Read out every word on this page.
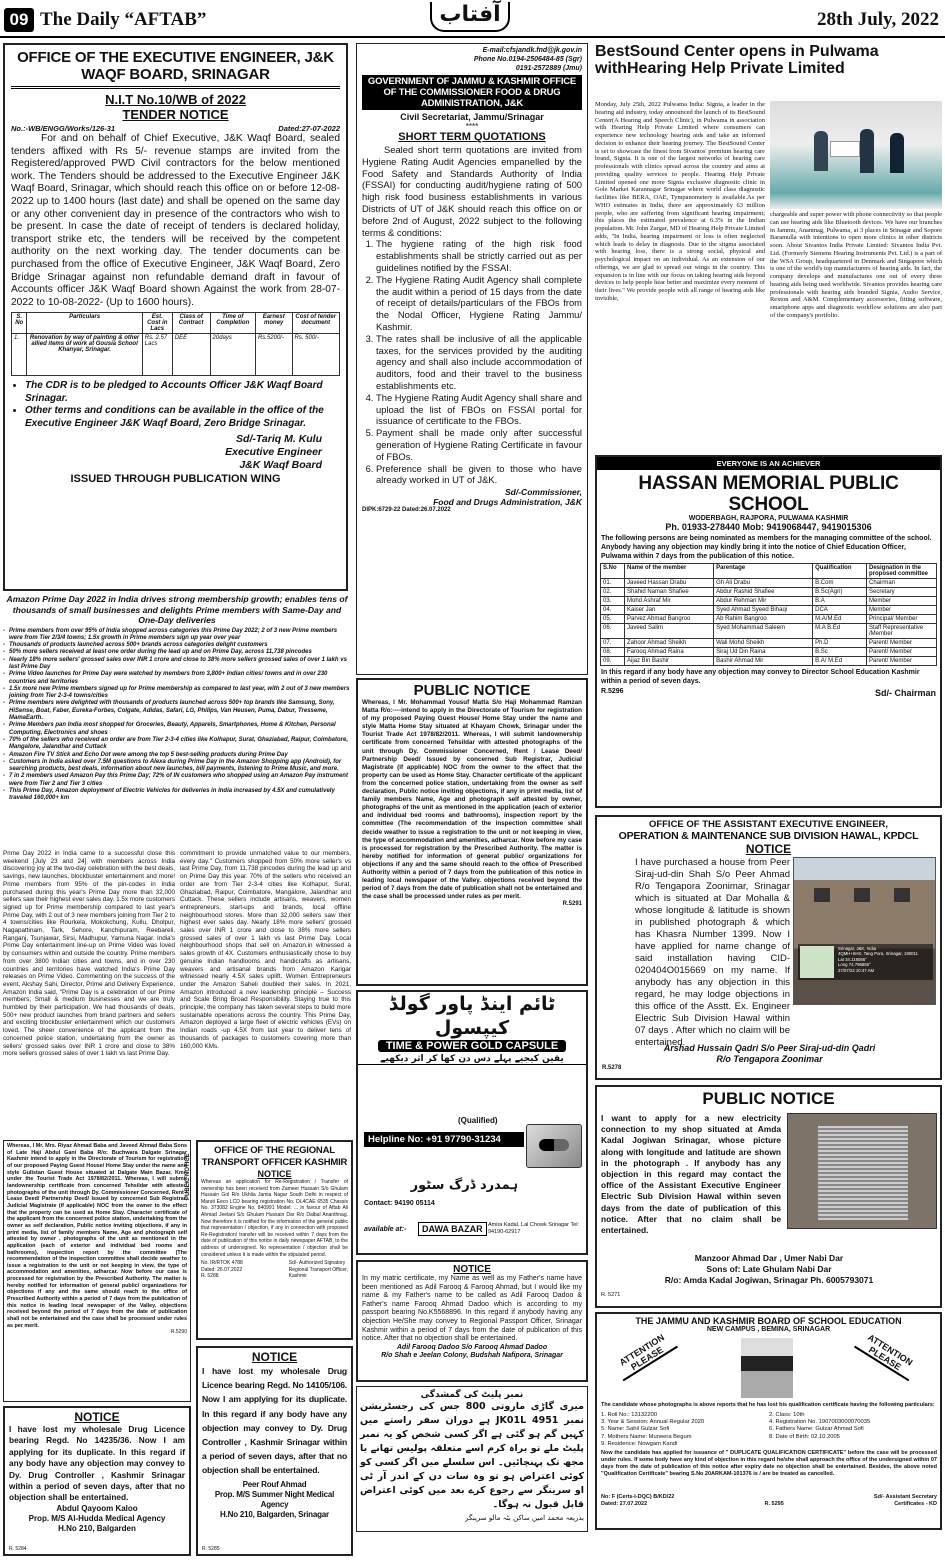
09 The Daily “AFTAB”	آفتاب	28th July, 2022
OFFICE OF THE EXECUTIVE ENGINEER, J&K WAQF BOARD, SRINAGAR
N.I.T No.10/WB of 2022
TENDER NOTICE
No.:-WB/ENGG/Works/126-31	Dated:27-07-2022
For and on behalf of Chief Executive, J&K Waqf Board, sealed tenders affixed with Rs 5/- revenue stamps are invited from the Registered/approved PWD Civil contractors for the below mentioned work. The Tenders should be addressed to the Executive Engineer J&K Waqf Board, Srinagar, which should reach this office on or before 12-08-2022 up to 1400 hours (last date) and shall be opened on the same day or any other convenient day in presence of the contractors who wish to be present. In case the date of receipt of tenders is declared holiday, transport strike etc, the tenders will be received by the competent authority on the next working day. The tender documents can be purchased from the office of Executive Engineer, J&K Waqf Board, Zero Bridge Srinagar against non refundable demand draft in favour of Accounts officer J&K Waqf Board shown Against the work from 28-07-2022 to 10-08-2022- (Up to 1600 hours).
S. No	Particulars	Est. Cost in Lacs	Class of Contract	Time of Completion	Earnest money	Cost of tender document
1.	Renovation by way of painting & other allied items of work at Gousia School Khanyar, Srinagar.	Rs. 2.57 Lacs	DEE	20days	Rs.5200/-	Rs. 500/-
• The CDR is to be pledged to Accounts Officer J&K Waqf Board Srinagar.
• Other terms and conditions can be available in the office of the Executive Engineer J&K Waqf Board, Zero Bridge Srinagar.
Sd/-Tariq M. Kulu
Executive Engineer
J&K Waqf Board
ISSUED THROUGH PUBLICATION WING
E-mail:cfsjandk.fnd@jk.gov.in
Phone No.0194-2506484-85 (Sgr)
0191-2572889 (Jmu)
GOVERNMENT OF JAMMU & KASHMIR OFFICE OF THE COMMISSIONER FOOD & DRUG ADMINISTRATION, J&K
Civil Secretariat, Jammu/Srinagar
****
SHORT TERM QUOTATIONS
Sealed short term quotations are invited from Hygiene Rating Audit Agencies empanelled by the Food Safety and Standards Authority of India (FSSAI) for conducting audit/hygiene rating of 500 high risk food business establishments in various Districts of UT of J&K should reach this office on or before 2nd of August, 2022 subject to the following terms & conditions:
1. The hygiene rating of the high risk food establishments shall be strictly carried out as per guidelines notified by the FSSAI.
2. The Hygiene Rating Audit Agency shall complete the audit within a period of 15 days from the date of receipt of details/particulars of the FBOs from the Nodal Officer, Hygiene Rating Jammu/ Kashmir.
3. The rates shall be inclusive of all the applicable taxes, for the services provided by the auditing agency and shall also include accommodation of auditors, food and their travel to the business establishments etc.
4. The Hygiene Rating Audit Agency shall share and upload the list of FBOs on FSSAI portal for issuance of certificate to the FBOs.
5. Payment shall be made only after successful generation of Hygiene Rating Certificate in favour of FBOs.
6. Preference shall be given to those who have already worked in UT of J&K.
Sd/-Commissioner,
Food and Drugs Administration, J&K
DIPK:6729-22 Dated:26.07.2022
BestSound Center opens in Pulwama withHearing Help Private Limited
Monday, July 25th, 2022 Pulwama India: Signia, a leader in the hearing aid industry, today announced the launch of its BestSound Center(A Hearing and Speech Clinic), in Pulwama in association with Hearing Help Private Limited where consumers can experience new technology hearing aids and take an informed decision to enhance their hearing journey. The BestSound Center is set to showcase the finest from Sivantos' premium hearing care brand, Signia. It is one of the largest networks of hearing care professionals with clinics spread across the country and aims at providing quality services to people. Hearing Help Private Limited opened one more Signia exclusive diagnostic clinic in Gole Market Karannagar Srinagar where world class diagnostic facilities like BERA, OAE, Tympanometery is available.As per WHO estimates in India, there are approximately 63 million people, who are suffering from significant hearing impairment; this places the estimated prevalence at 6.3% in the Indian population. Mr. John Zargar, MD of Hearing Help Private Limited adds, "In India, hearing impairment or loss is often neglected which leads to delay in diagnosis. Due to the stigma associated with hearing loss, there is a strong social, physical and psychological impact on an individual. As an extension of our offerings, we are glad to spread our wings in the country. This expansion is in line with our focus on taking hearing aids beyond devices to help people hear better and maximize every moment of their lives." We provide people with all range of hearing aids like invisible,
chargeable and super power with phone connectivity so that people can use hearing aids like Bluetooth devices. We have our branches in Jammu, Anantnag, Pulwama, at 3 places in Srinagar and Sopore Baramulla with intentions to open more clinics in other districts soon. About Sivantos India Private Limited: Sivantos India Pvt. Ltd. (Formerly Siemens Hearing Instruments Pvt. Ltd.) is a part of the WSA Group, headquartered in Denmark and Singapore which is one of the world's top manufacturers of hearing aids. In fact, the company develops and manufactures one out of every three hearing aids being used worldwide. Sivantos provides hearing care professionals with hearing aids branded Signia, Audio Service, Rexton and A&M. Complementary accessories, fitting software, smartphone apps and diagnostic workflow solutions are also part of the company's portfolio.
EVERYONE IS AN ACHIEVER
HASSAN MEMORIAL PUBLIC SCHOOL
WODERBAGH, RAJPORA, PULWAMA KASHMIR
Ph. 01933-278440 Mob: 9419068447, 9419015306
The following persons are being nominated as members for the managing committee of the school. Anybody having any objection may kindly bring it into the notice of Chief Education Officer, Pulwama within 7 days from the publication of this notice.
S.No	Name of the member	Parentage	Qualification	Designation in the proposed committee
01.	Javeed Hassan Drabu	Gh Ali Drabu	B.Com	Chairman
02.	Shahid Naman Shafiee	Abdur Rashid Shafiee	B.Sc(Agri)	Secretary
03.	Mohd Ashraf Mir	Abdur Rehman Mir	B.A	Member
04.	Kaiser Jan	Syed Ahmad Syeed Bihaqi	DCA	Member
05.	Parvez Ahmad Bangroo	Ab Rahim Bangroo	M.A/M.Ed	Principal/ Member
06.	Javeed Salim	Syed Mohammad Saleem	M.A B.Ed	Staff Representative /Member
07.	Zahoor Ahmad Sheikh	Wali Mohd Sheikh	Ph.D	Parent/ Member
08.	Farooq Ahmad Raina	Siraj Ud Din Raina	B.Sc	Parent/ Member
09.	Aijaz Bin Bashir	Bashir Ahmad Mir	B.A/ M.Ed	Parent/ Member
In this regard if any body have any objection may convey to Director School Education Kashmir within a period of seven days.
R.5296	Sd/- Chairman
Amazon Prime Day 2022 in India drives strong membership growth; enables tens of thousands of small businesses and delights Prime members with Same-Day and One-Day deliveries
- Prime members from over 95% of India shopped across categories this Prime Day 2022; 2 of 3 new Prime members were from Tier 2/3/4 towns; 1.5x growth in Prime members sign up year over year
- Thousands of products launched across 500+ brands across categories delight customers
- 50% more sellers received at least one order during the lead up and on Prime Day, across 11,738 pincodes
- Nearly 18% more sellers' grossed sales over INR 1 crore and close to 38% more sellers grossed sales of over 1 lakh vs last Prime Day
- Prime Video launches for Prime Day were watched by members from 3,800+ Indian cities/ towns and in over 230 countries and territories
- 1.5x more new Prime members signed up for Prime membership as compared to last year, with 2 out of 3 new members joining from Tier 2-3-4 towns/cities
- Prime members were delighted with thousands of products launched across 500+ top brands like Samsung, Sony, HiSense, Boat, Faber, Eureka-Forbes, Colgate, Adidas, Safari, LG, Philips, Van Heusen, Puma, Dabur, Tresseme, MamaEarth.
- Prime Members pan India most shopped for Groceries, Beauty, Apparels, Smartphones, Home & Kitchen, Personal Computing, Electronics and shoes
- 70% of the sellers who received an order are from Tier 2-3-4 cities like Kolhapur, Surat, Ghaziabad, Raipur, Coimbatore, Mangalore, Jalandhar and Cuttack
- Amazon Fire TV Stick and Echo Dot were among the top 5 best-selling products during Prime Day
- Customers in India asked over 7.5M questions to Alexa during Prime Day in the Amazon Shopping app (Android), for searching products, best deals, information about new launches, bill payments, listening to Prime Music, and more.
- 7 in 2 members used Amazon Pay this Prime Day; 72% of IN customers who shopped using an Amazon Pay instrument were from Tier 2 and Tier 3 cities
- This Prime Day, Amazon deployment of Electric Vehicles for deliveries in India increased by 4.5X and cumulatively traveled 160,000+ km
Prime Day 2022 in India came to a successful close this weekend [July 23 and 24] with members across India discovering joy at the two-day celebration with the best deals, savings, new launches, blockbuster entertainment and more! Prime members from 95% of the pin-codes in India purchased during this year's Prime Day more than 32,000 sellers saw their highest ever sales day. 1.5x more customers signed up for Prime membership compared to last year's Prime Day, with 2 out of 3 new members joining from Tier 2 to 4 towns/cities like Rourkela, Mokokchung, Kullu, Dholpur, Nagapattinam, Tark, Sehore, Kanchipuram, Reebareli, Ranganj, Tsunjawar, Sirsi, Madhupur, Yamuna Nagar. India's Prime Day entertainment line-up on Prime Video was loved by consumers within and outside the country. Prime members from over 3800 Indian cities and towns, and in over 230 countries and territories have watched India's Prime Day releases on Prime Video. Commenting on the success of the event, Akshay Sahi, Director, Prime and Delivery Experience, Amazon India said, "Prime Day is a celebration of our Prime members; Small & medium businesses and we are truly humbled by their participation. We had thousands of deals, 500+ new product launches from brand partners and sellers and exciting blockbuster entertainment which our customers loved. The sheer convenience of the applicant from the concerned police station, undertaking from the owner as sellers' grossed sales over INR 1 crore and close to 38% more sellers grossed sales of over 1 lakh vs last Prime Day.
commitment to provide unmatched value to our members, every day." Customers shopped from 50% more seller's vs last Prime Day, from 11,738 pincodes during the lead up and on Prime Day this year. 70% of the sellers who received an order are from Tier 2-3-4 cities like Kolhapur, Surat, Ghaziabad, Raipur, Coimbatore, Mangalore, Jalandhar and Cuttack. These sellers include artisans, weavers, women entrepreneurs, start-ups and brands, local offline neighbourhood stores. More than 32,000 sellers saw their highest ever sales day. Nearly 18% more sellers' grossed sales over INR 1 crore and close to 38% more sellers grossed sales of over 1 lakh vs last Prime Day. Local neighbourhood shops that sell on Amazon.in witnessed a sales growth of 4X. Customers enthusiastically chose to buy genuine Indian handlooms and handicrafts as artisans, weavers and artisanal brands from Amazon Karigar witnessed nearly 4.5X sales uplift. Women Entrepreneurs under the Amazon Saheli doubled their sales. In 2021, Amazon introduced a new leadership principle – Success and Scale Bring Broad Responsibility. Staying true to this principle, the company has taken several steps to build more sustainable operations across the country. This Prime Day, Amazon deployed a large fleet of electric vehicles (EVs) on Indian roads -up 4.5X from last year to deliver tens of thousands of packages to customers covering more than 160,000 KMs.
PUBLIC NOTICE
Whereas, I Mr. Mohammad Yousuf Matta S/o Haji Mohammad Ramzan Matta R/o:----intend to apply in the Directorate of Tourism for registration of my proposed Paying Guest House/ Home Stay under the name and style Matta Home Stay situated at Khayam Chowk, Srinagar under the Tourist Trade Act 1978/82/2011. Whereas, I will submit landownership certificate from concerned Tehsildar with attested photographs of the unit through Dy. Commissioner Concerned, Rent / Lease Deed/ Partnership Deed/ Issued by concerned Sub Registrar, Judicial Magistrate (if applicable) NOC from the owner to the effect that the property can be used as Home Stay. Character certificate of the applicant from the concerned police station, undertaking from the owner as self declaration, Public notice inviting objections, if any in print media, list of family members Name, Age and photograph self attested by owner, photographs of the unit as mentioned in the application (each of exterior and individual bed rooms and bathrooms), inspection report by the committee (The recommendation of the inspection committee shall decide weather to issue a registration to the unit or not keeping in view, the type of accommodation and amenities, adharcar. Now before my case is processed for registration by the Prescribed Authority. The matter is hereby notified for information of general public/ organizations for objections if any and the same should reach to the office of Prescribed Authority within a period of 7 days from the publication of this notice in leading local newspaper of the Valley. objections received beyond the period of 7 days from the date of publication shall not be entertained and the case shall be processed under rules as per merit.
R.5291
OFFICE OF THE ASSISTANT EXECUTIVE ENGINEER,
OPERATION & MAINTENANCE SUB DIVISION HAWAL, KPDCL
NOTICE
I have purchased a house from Peer Siraj-ud-din Shah S/o Peer Ahmad R/o Tengapora Zoonimar, Srinagar which is situated at Dar Mohalla & whose longitude & latitude is shown in published photograph & which has Khasra Number 1399. Now I have applied for name change of said installation having CID-020404O015669 on my name. If anybody has any objection in this regard, he may lodge objections in this office of the Asstt. Ex. Engineer Electric Sub Division Hawal within 07 days . After which no claim will be entertained.
Srinagar, J&K, India
4QMH+6HX, Tang Pora, Srinagar, 190011
Lat 34.118086°
Long 74.796855°
27/07/22 10:47 AM
Arshad Hussain Qadri S/o Peer Siraj-ud-din Qadri
R/o Tengapora Zoonimar
R.5278
ٹائم اینڈ پاور گولڈ کیپسول
TIME & POWER GOLD CAPSULE
یقین کیجیے پہلے دس دن کھا کر اثر دیکھیے
(Qualified)
Helpline No: +91 97790-31234
ہمدرد ڈرگ سٹور
Contact: 94190 05114
available at:-	DAWA BAZAR Amira Kadal, Lal Chowk Srinagar Tel: 94190-62917
Whereas, I Mr. Mrs. Riyaz Ahmad Baba and Javeed Ahmad Baba Sons of Late Haji Abdul Gani Baba R/o: Buchwara Dalgate Srinagar Kashmir intend to apply in the Directorate of Tourism for registration of our proposed Paying Guest House/ Home Stay under the name and style Gulistan Guest House situated at Dalgate Main Bazar, Kmr. under the Tourist Trade Act 1978/82/2011. Whereas, I will submit landownership certificate from concerned Tehsildar with attested photographs of the unit through Dy. Commissioner Concerned, Rent / Lease Deed/ Partnership Deed/ Issued by concerned Sub Registrar, Judicial Magistrate (if applicable) NOC from the owner to the effect that the property can be used as Home Stay. Character certificate of the applicant from the concerned police station, undertaking from the owner as self declaration, Public notice inviting objections, if any in print media, list of family members Name, Age and photograph self attested by owner , photographs of the unit as mentioned in the application (each of exterior and individual bed rooms and bathrooms), inspection report by the committee (The recommendation of the inspection committee shall decide weather to issue a registration to the unit or not keeping in view, the type of accommodation and amenities, adharcar. Now before our case is processed for registration by the Prescribed Authority. The matter is hereby notified for information of general public/ organizations for objections if any and the same should reach to the office of Prescribed Authority within a period of 7 days from the publication of this notice in leading local newspaper of the Valley. objections received beyond the period of 7 days from the date of publication shall not be entertained and the case shall be processed under rules as per merit.
R.5290
PUBLIC NOTICE
OFFICE OF THE REGIONAL TRANSPORT OFFICER KASHMIR
NOTICE
Whereas an application for Re-Registration / Transfer of ownership has been received from Zameer Hussain S/o Ghulam Hussain Gol R/o Ukhlia Jamia Nagar South Delhi in respect of Maruti Eeco LCD bearing registration No. DL4CAE 6535 Chassis No. 373082 Engine No. 840991 Model: ... in favour of Aftab Ali Ahmad Jeelani S/o Ghulam Hussain Dar R/o Dalbal Ananthnag. Now therefore it is notified for the information of the general public that representation / objection, if any in connection with proposed Re-Registration/ transfer will be received within 7 days from the date of publication of this notice in daily newspaper AFTAB, to the address of undersigned. No representation / objection shall be considered unless it is made within the stipulated period.
No. IR/RTOK 4788
Dated: 26.07.2022
R. 5288
Sd/- Authorized Signatory
Regional Transport Officer,
Kashmir
NOTICE
In my matric certificate, my Name as well as my Father's name have been mentioned as Adil Farooq & Farooq Ahmad, but I would like my name & my Father's name to be called as Adil Farooq Dadoo & Father's name Farooq Ahmad Dadoo which is according to my passport bearing No.K5568896. In this regard if anybody having any objection He/She may convey to Regional Passport Officer, Srinagar Kashmir within a period of 7 days from the date of publication of this notice. After that no objection shall be entertained.
Adil Farooq Dadoo S/o Farooq Ahmad Dadoo
R/o Shah e Jeelan Colony, Budshah Nafipora, Srinagar
PUBLIC NOTICE
I want to apply for a new electricity connection to my shop situated at Amda Kadal Jogiwan Srinagar, whose picture along with longitude and latitude are shown in the photograph . If anybody has any objection in this regard may contact the office of the Assistant Executive Engineer Electric Sub Division Hawal within seven days from the date of publication of this notice. After that no claim shall be entertained.
Manzoor Ahmad Dar , Umer Nabi Dar
Sons of: Late Ghulam Nabi Dar
R/o: Amda Kadal Jogiwan, Srinagar Ph. 6005793071
R. 5271
THE JAMMU AND KASHMIR BOARD OF SCHOOL EDUCATION
NEW CAMPUS , BEMINA, SRINAGAR
ATTENTION PLEASE	ATTENTION PLEASE
The candidate whose photographs is above reports that he has lost his qualification certificate having the following particulars:
1. Roll No.: 13132200	2. Class: 10th
3. Year & Session: Annual Regular 2020	4. Registration No. 1907003000070035
5. Name: Sahil Gulzar Sofi	6. Fathers Name: Gulzar Ahmad Sofi
7. Mothers Name: Muneera Begum	8. Date of Birth: 02.10.2005
9. Residence: Nowgam Kandi
Now the candidate has applied for issuance of " DUPLICATE QUALIFICATION CERTIFICATE" before the case will be processed under rules. If some body have any kind of objection in this regard he/she shall approach the office of the undersigned within 07 days from the date of publication of this notice after expiry date no objection shall be entertained. Besides, the above noted "Qualification Certificate" bearing S.No 20ARKAM-101376 is / are be treated as cancelled.
No: F (Certs-I-DQC) B/KD/22
Dated: 27.07.2022	R. 5295
Sd/- Assistant Secretary
Certificates - KD
نمبر پلیٹ کی گمشدگی
میری گاڑی ماروتی 800 جس کی رجسٹریشن نمبر JK01L 4951 ہے دوران سفر راستے میں کہیں گم ہو گئی ہے اگر کسی شخص کو یہ نمبر پلیٹ ملے تو براہ کرم اسے متعلقہ پولیس تھانے یا مجھ تک پہنچائیں۔ اس سلسلے میں اگر کسی کو کوئی اعتراض ہو تو وہ سات دن کے اندر آر ٹی او سرینگر سے رجوع کرے بعد میں کوئی اعتراض قابل قبول نہ ہوگا۔
بذریعہ محمد امین ساکن بٹہ مالو سرینگر
NOTICE
I have lost my wholesale Drug Licence bearing Regd. No 14235/36. Now I am applying for its duplicate. In this regard if any body have any objection may convey to Dy. Drug Controller , Kashmir Srinagar within a period of seven days, after that no objection shall be entertained.
Abdul Qayoom Kaloo
Prop. M/S Al-Hudda Medical Agency
H.No 210, Balgarden
R. 5284
NOTICE
I have lost my wholesale Drug Licence bearing Regd. No 14105/106. Now I am applying for its duplicate. In this regard if any body have any objection may convey to Dy. Drug Controller , Kashmir Srinagar within a period of seven days, after that no objection shall be entertained.
Peer Rouf Ahmad
Prop. M/S Summer Night Medical Agency
H.No 210, Balgarden, Srinagar
R. 5285
